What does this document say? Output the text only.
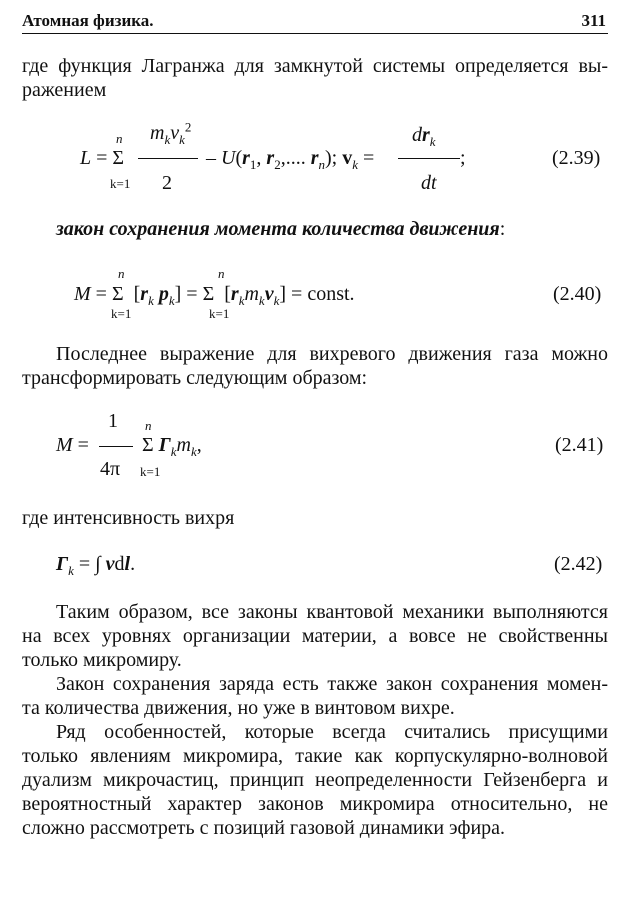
Атомная физика.	311
где функция Лагранжа для замкнутой системы определяется вы-
ражением
n
L = Σ
k=1
$m_kv_k^2$
2
– $U(r_1$, $r_2$,.... $r_n$); $v_k$ =
$dr_k$
;
dt
(2.39)
закон сохранения момента количества движения:
n	n
M = Σ [$r_k$ $p_k] = \Sigma$ $[r_km_kv_k]$ = const.
k=1	k=1
(2.40)
Последнее выражение для вихревого движения газа можно
трансформировать следующим образом:
1 n
M =	Σ $\Gamma_km_k$,
4π k=1
(2.41)
где интенсивность вихря
$\Gamma_k$ = ∫ vdl.	(2.42)
Таким образом, все законы квантовой механики выполняются
на всех уровнях организации материи, а вовсе не свойственны
только микромиру.
Закон сохранения заряда есть также закон сохранения момен-
та количества движения, но уже в винтовом вихре.
Ряд особенностей, которые всегда считались присущими
только явлениям микромира, такие как корпускулярно-волновой
дуализм микрочастиц, принцип неопределенности Гейзенберга и
вероятностный характер законов микромира относительно, не
сложно рассмотреть с позиций газовой динамики эфира.
